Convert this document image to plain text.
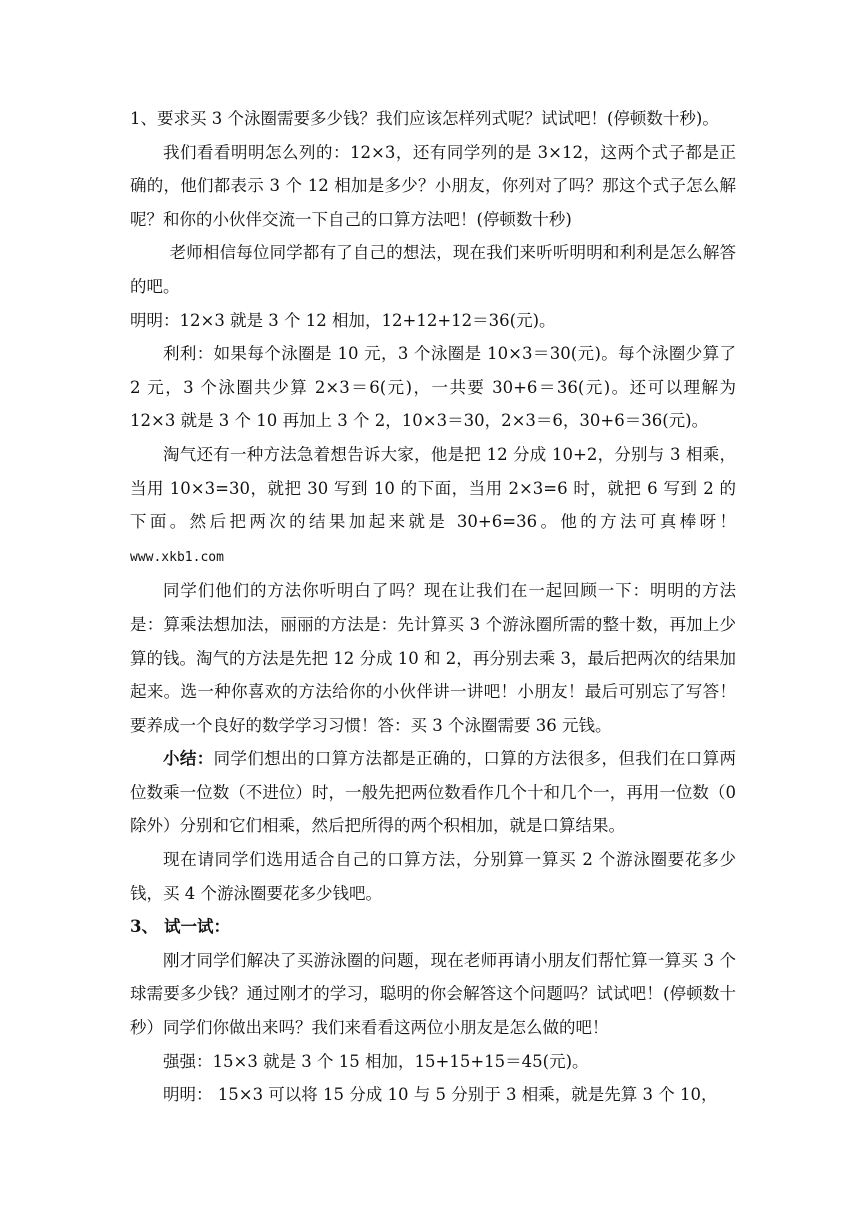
1、要求买 3 个泳圈需要多少钱？我们应该怎样列式呢？试试吧！(停顿数十秒)。

我们看看明明怎么列的：12×3，还有同学列的是 3×12，这两个式子都是正确的，他们都表示 3 个 12 相加是多少？小朋友，你列对了吗？那这个式子怎么解呢？和你的小伙伴交流一下自己的口算方法吧！(停顿数十秒)

老师相信每位同学都有了自己的想法，现在我们来听听明明和利利是怎么解答的吧。

明明：12×3 就是 3 个 12 相加，12+12+12＝36(元)。

利利：如果每个泳圈是 10 元，3 个泳圈是 10×3＝30(元)。每个泳圈少算了 2 元，3 个泳圈共少算 2×3＝6(元)，一共要 30+6＝36(元)。还可以理解为 12×3 就是 3 个 10 再加上 3 个 2，10×3＝30，2×3＝6，30+6＝36(元)。

淘气还有一种方法急着想告诉大家，他是把 12 分成 10+2，分别与 3 相乘，当用 10×3=30，就把 30 写到 10 的下面，当用 2×3=6 时，就把 6 写到 2 的下面。然后把两次的结果加起来就是 30+6=36。他的方法可真棒呀！www.xkb1.com

同学们他们的方法你听明白了吗？现在让我们在一起回顾一下：明明的方法是：算乘法想加法，丽丽的方法是：先计算买 3 个游泳圈所需的整十数，再加上少算的钱。淘气的方法是先把 12 分成 10 和 2，再分别去乘 3，最后把两次的结果加起来。选一种你喜欢的方法给你的小伙伴讲一讲吧！小朋友！最后可别忘了写答！要养成一个良好的数学学习习惯！答：买 3 个泳圈需要 36 元钱。

小结：同学们想出的口算方法都是正确的，口算的方法很多，但我们在口算两位数乘一位数（不进位）时，一般先把两位数看作几个十和几个一，再用一位数（0 除外）分别和它们相乘，然后把所得的两个积相加，就是口算结果。

现在请同学们选用适合自己的口算方法，分别算一算买 2 个游泳圈要花多少钱，买 4 个游泳圈要花多少钱吧。

3、 试一试：

刚才同学们解决了买游泳圈的问题，现在老师再请小朋友们帮忙算一算买 3 个球需要多少钱？通过刚才的学习，聪明的你会解答这个问题吗？试试吧！(停顿数十秒）同学们你做出来吗？我们来看看这两位小朋友是怎么做的吧！

强强：15×3 就是 3 个 15 相加，15+15+15＝45(元)。

明明： 15×3 可以将 15 分成 10 与 5 分别于 3 相乘，就是先算 3 个 10，
